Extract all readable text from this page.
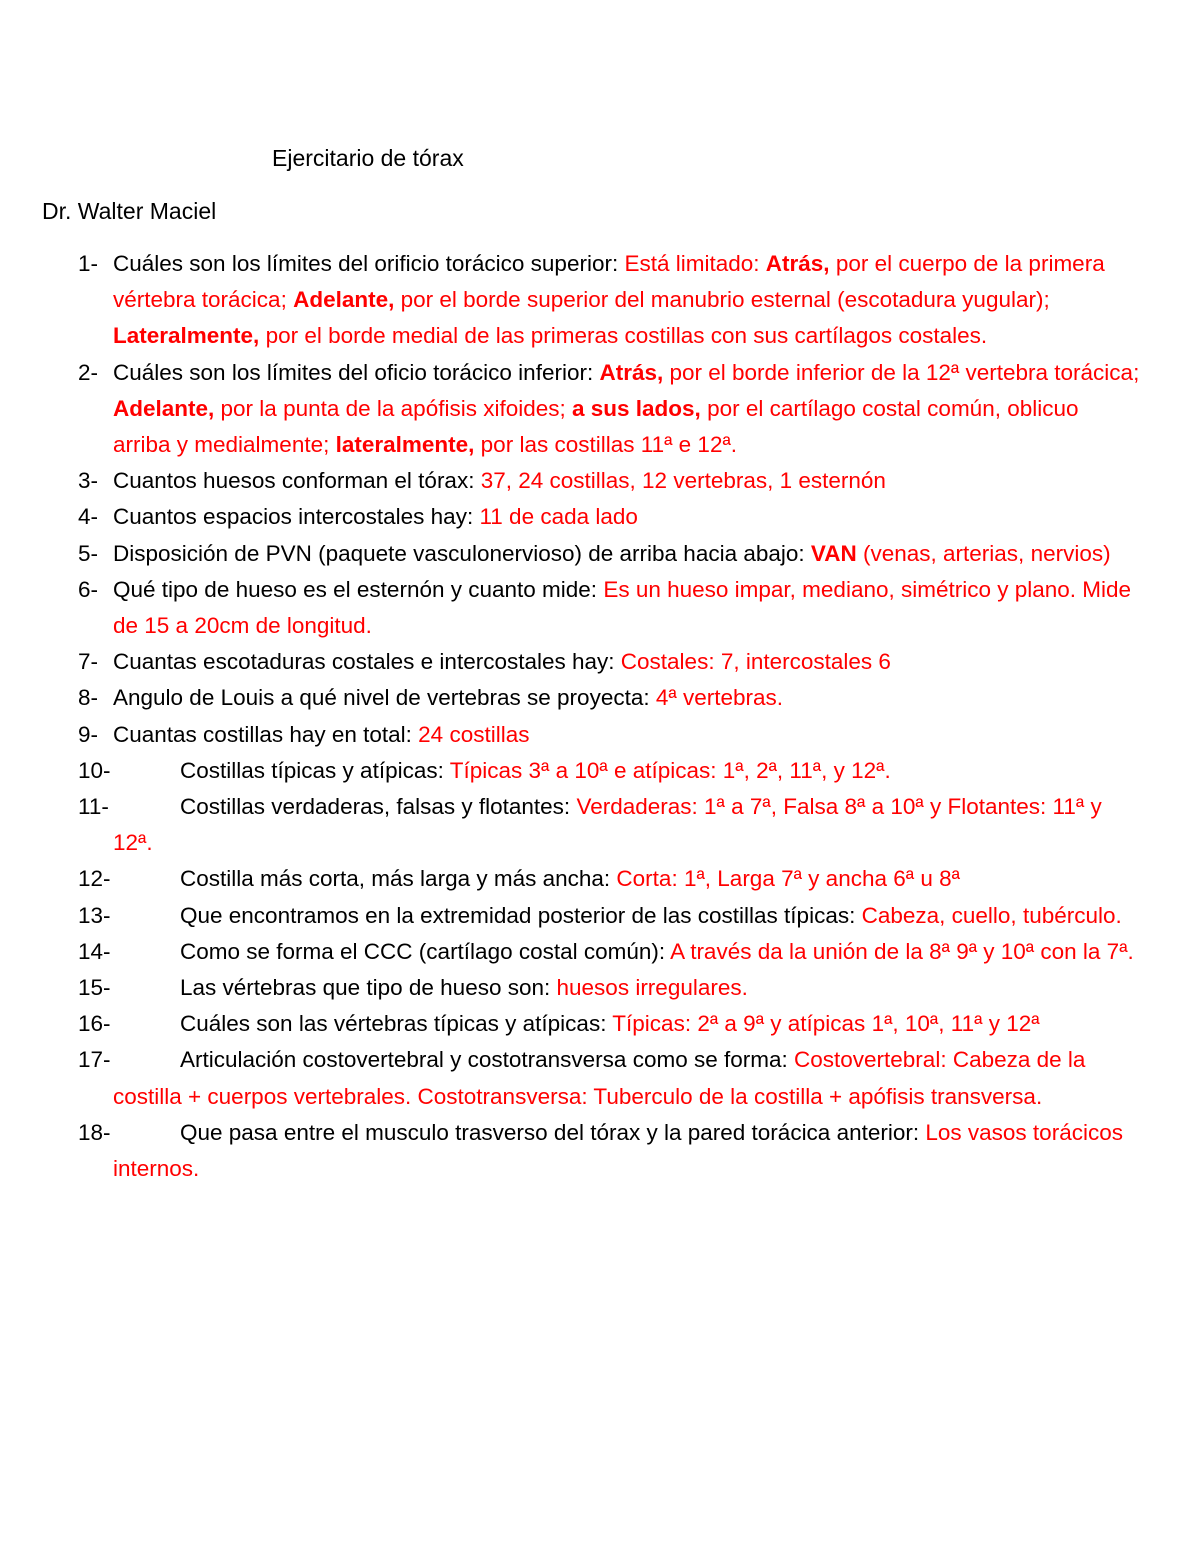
Ejercitario de tórax
Dr. Walter Maciel
1- Cuáles son los límites del orificio torácico superior: Está limitado: Atrás, por el cuerpo de la primera vértebra torácica; Adelante, por el borde superior del manubrio esternal (escotadura yugular); Lateralmente, por el borde medial de las primeras costillas con sus cartílagos costales.
2- Cuáles son los límites del oficio torácico inferior: Atrás, por el borde inferior de la 12ª vertebra torácica; Adelante, por la punta de la apófisis xifoides; a sus lados, por el cartílago costal común, oblicuo arriba y medialmente; lateralmente, por las costillas 11ª e 12ª.
3- Cuantos huesos conforman el tórax: 37, 24 costillas, 12 vertebras, 1 esternón
4- Cuantos espacios intercostales hay: 11 de cada lado
5- Disposición de PVN (paquete vasculonervioso) de arriba hacia abajo: VAN (venas, arterias, nervios)
6- Qué tipo de hueso es el esternón y cuanto mide: Es un hueso impar, mediano, simétrico y plano. Mide de 15 a 20cm de longitud.
7- Cuantas escotaduras costales e intercostales hay: Costales: 7, intercostales 6
8- Angulo de Louis a qué nivel de vertebras se proyecta: 4ª vertebras.
9- Cuantas costillas hay en total: 24 costillas
10-	Costillas típicas y atípicas: Típicas 3ª a 10ª e atípicas: 1ª, 2ª, 11ª, y 12ª.
11-	Costillas verdaderas, falsas y flotantes: Verdaderas: 1ª a 7ª, Falsa 8ª a 10ª y Flotantes: 11ª y 12ª.
12-	Costilla más corta, más larga y más ancha: Corta: 1ª, Larga 7ª y ancha 6ª u 8ª
13-	Que encontramos en la extremidad posterior de las costillas típicas: Cabeza, cuello, tubérculo.
14-	Como se forma el CCC (cartílago costal común): A través da la unión de la 8ª 9ª y 10ª con la 7ª.
15-	Las vértebras que tipo de hueso son: huesos irregulares.
16-	Cuáles son las vértebras típicas y atípicas: Típicas: 2ª a 9ª y atípicas 1ª, 10ª, 11ª y 12ª
17-	Articulación costovertebral y costotransversa como se forma: Costovertebral: Cabeza de la costilla + cuerpos vertebrales. Costotransversa: Tuberculo de la costilla + apófisis transversa.
18-	Que pasa entre el musculo trasverso del tórax y la pared torácica anterior: Los vasos torácicos internos.
